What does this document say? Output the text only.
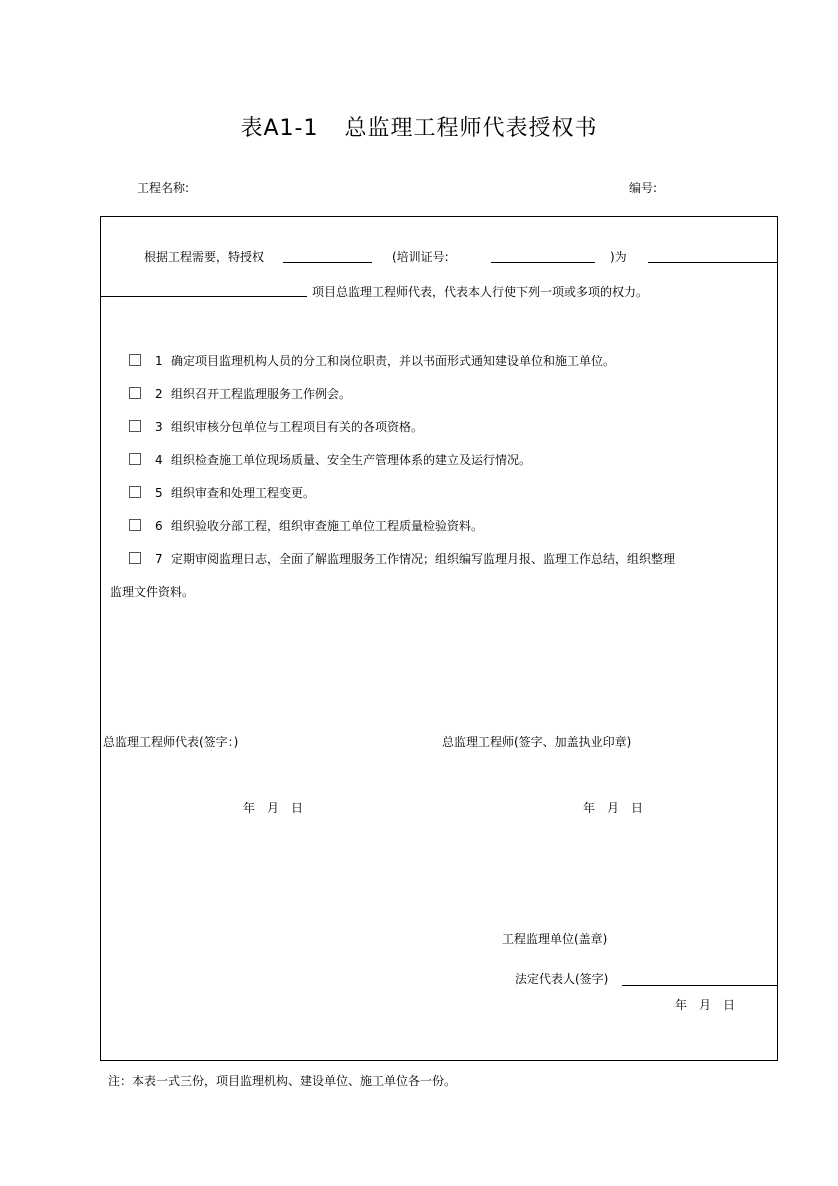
表A1-1 总监理工程师代表授权书
工程名称:	编号:
根据工程需要，特授权	(培训证号:	)为
项目总监理工程师代表，代表本人行使下列一项或多项的权力。
1 确定项目监理机构人员的分工和岗位职责，并以书面形式通知建设单位和施工单位。
2 组织召开工程监理服务工作例会。
3 组织审核分包单位与工程项目有关的各项资格。
4 组织检查施工单位现场质量、安全生产管理体系的建立及运行情况。
5 组织审查和处理工程变更。
6 组织验收分部工程，组织审查施工单位工程质量检验资料。
7 定期审阅监理日志，全面了解监理服务工作情况；组织编写监理月报、监理工作总结，组织整理
监理文件资料。
总监理工程师代表(签字：)	总监理工程师(签字、加盖执业印章)
年　月　日	年　月　日
工程监理单位(盖章)
法定代表人(签字)
年　月　日
注：本表一式三份，项目监理机构、建设单位、施工单位各一份。
